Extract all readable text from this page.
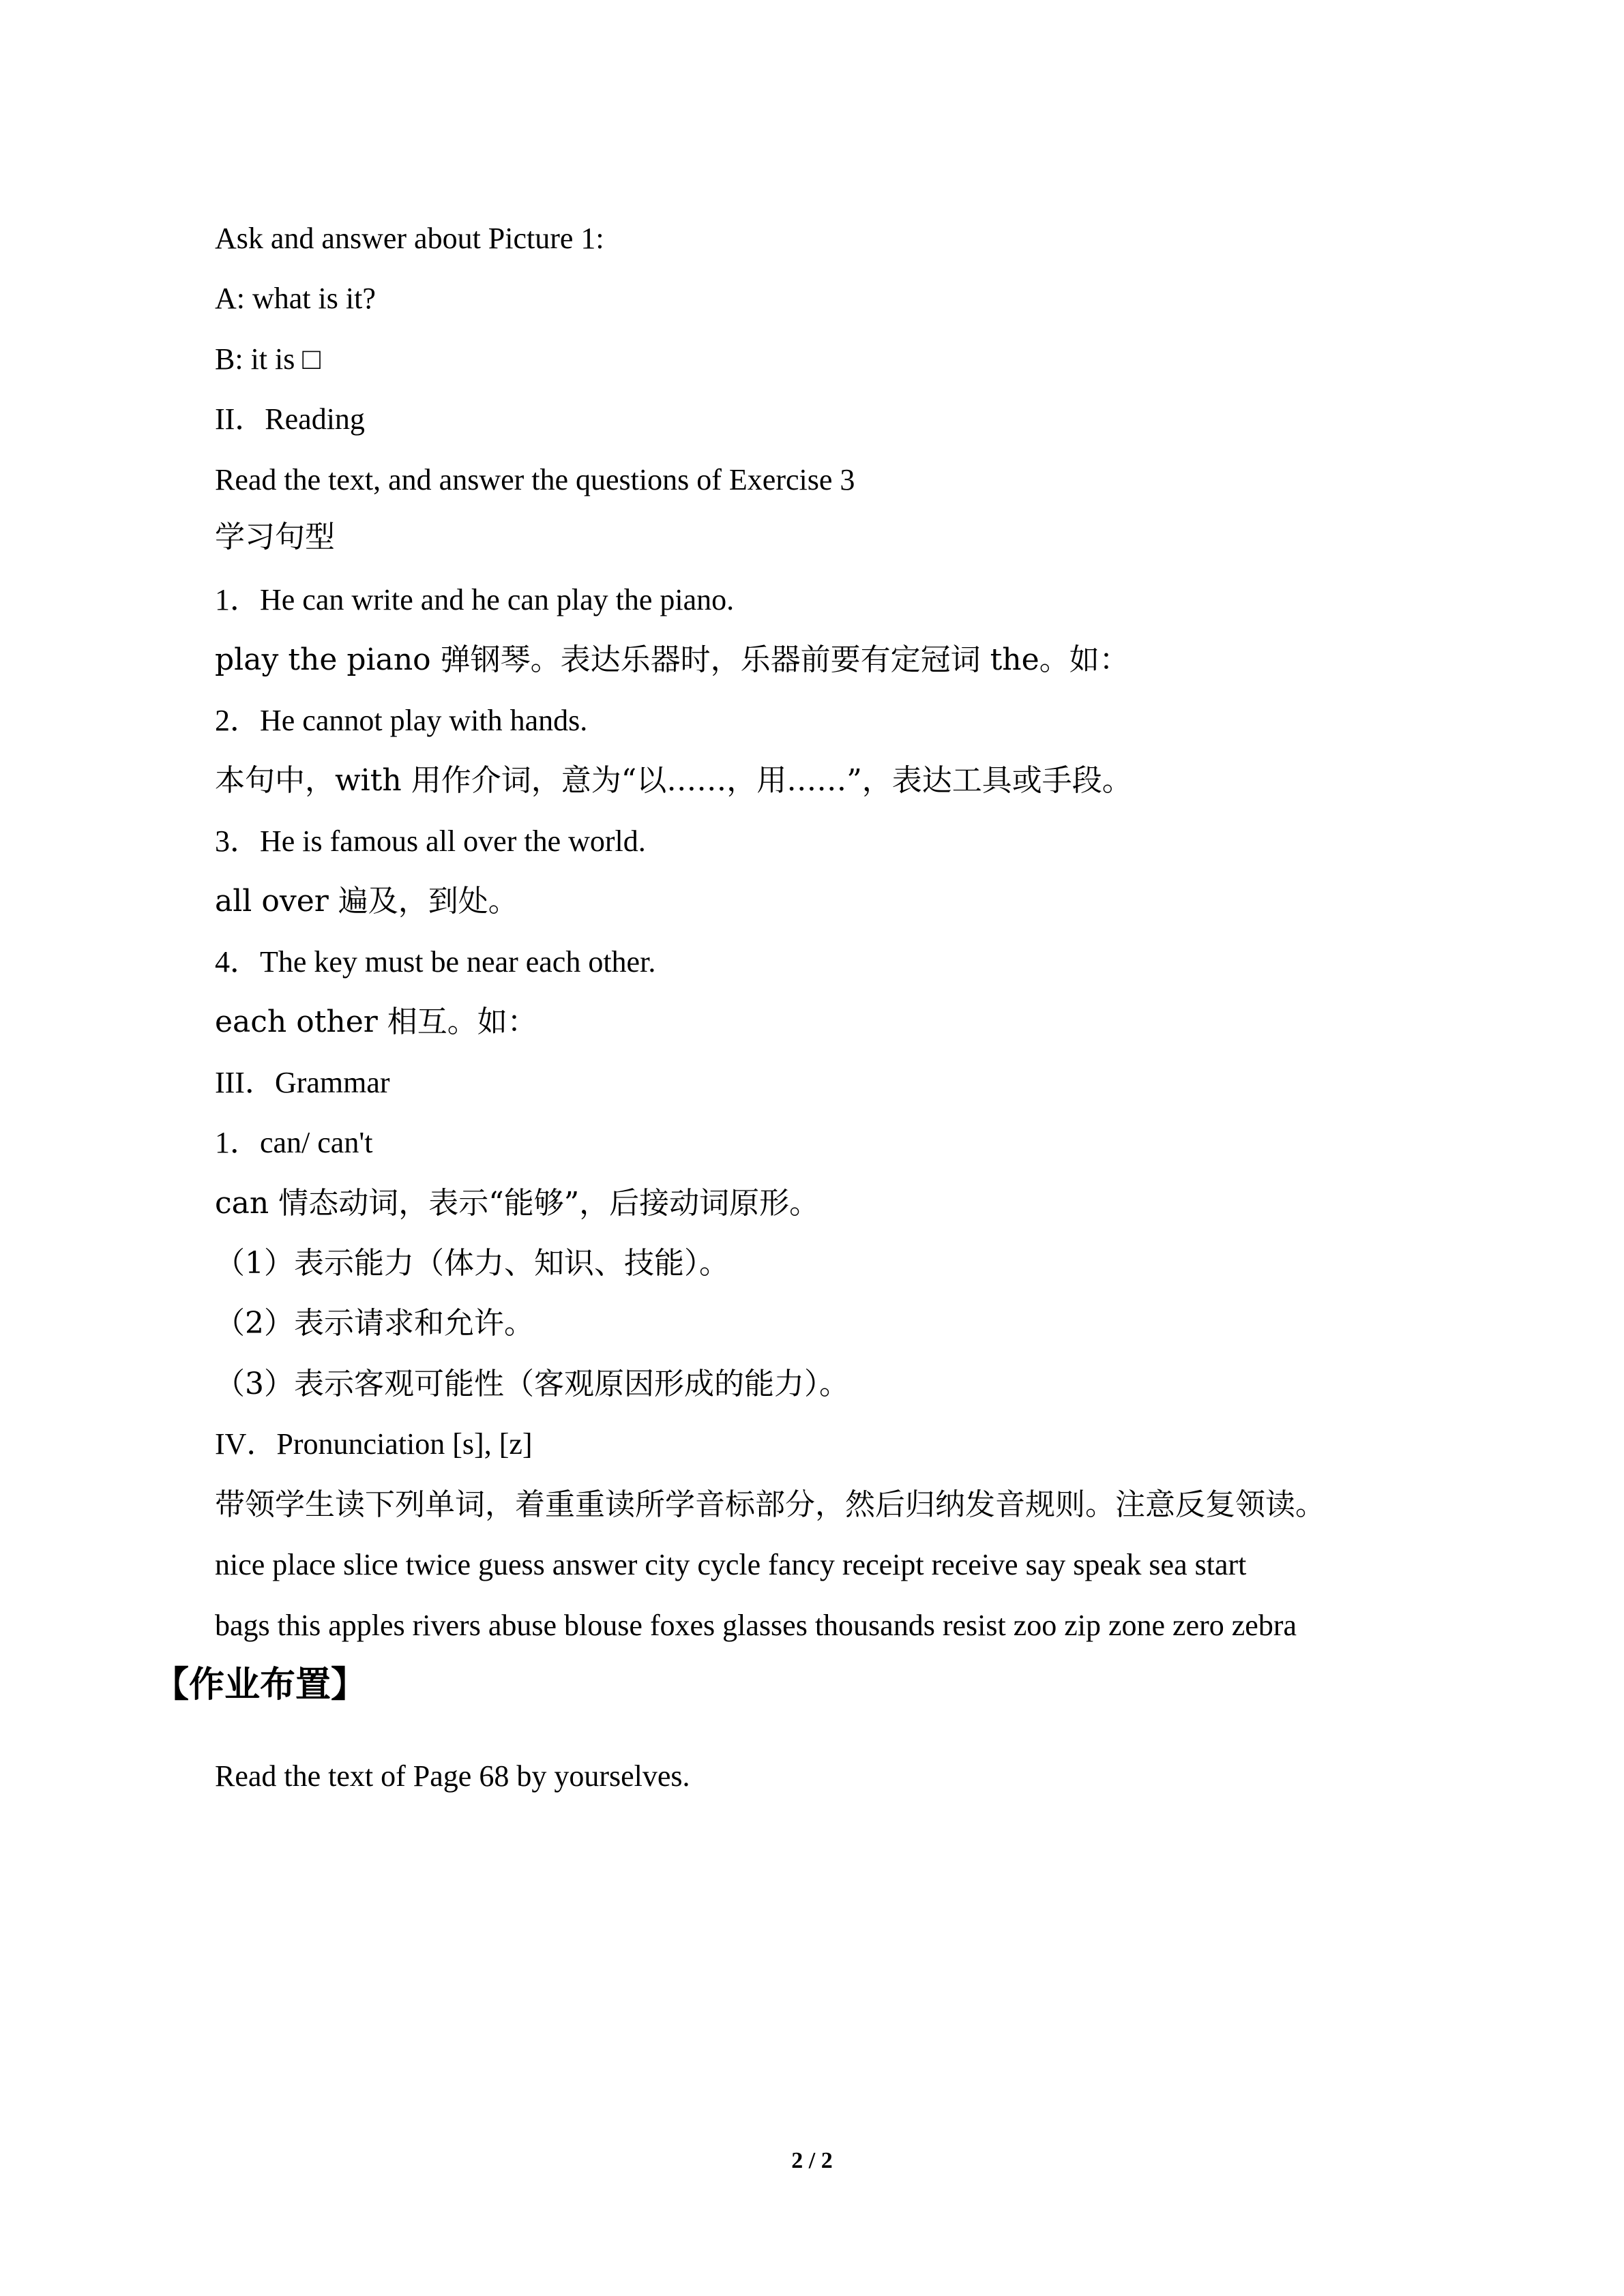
Ask and answer about Picture 1:
A: what is it?
B: it is □
II．Reading
Read the text, and answer the questions of Exercise 3
学习句型
1．He can write and he can play the piano.
play the piano 弹钢琴。表达乐器时，乐器前要有定冠词 the。如：
2．He cannot play with hands.
本句中，with 用作介词，意为“以……，用……”，表达工具或手段。
3．He is famous all over the world.
all over 遍及，到处。
4．The key must be near each other.
each other 相互。如：
III．Grammar
1．can/ can't
can 情态动词，表示“能够”，后接动词原形。
（1）表示能力（体力、知识、技能）。
（2）表示请求和允许。
（3）表示客观可能性（客观原因形成的能力）。
IV．Pronunciation [s], [z]
带领学生读下列单词，着重重读所学音标部分，然后归纳发音规则。注意反复领读。
nice place slice twice guess answer city cycle fancy receipt receive say speak sea start
bags this apples rivers abuse blouse foxes glasses thousands resist zoo zip zone zero zebra
【作业布置】
Read the text of Page 68 by yourselves.
2 / 2
